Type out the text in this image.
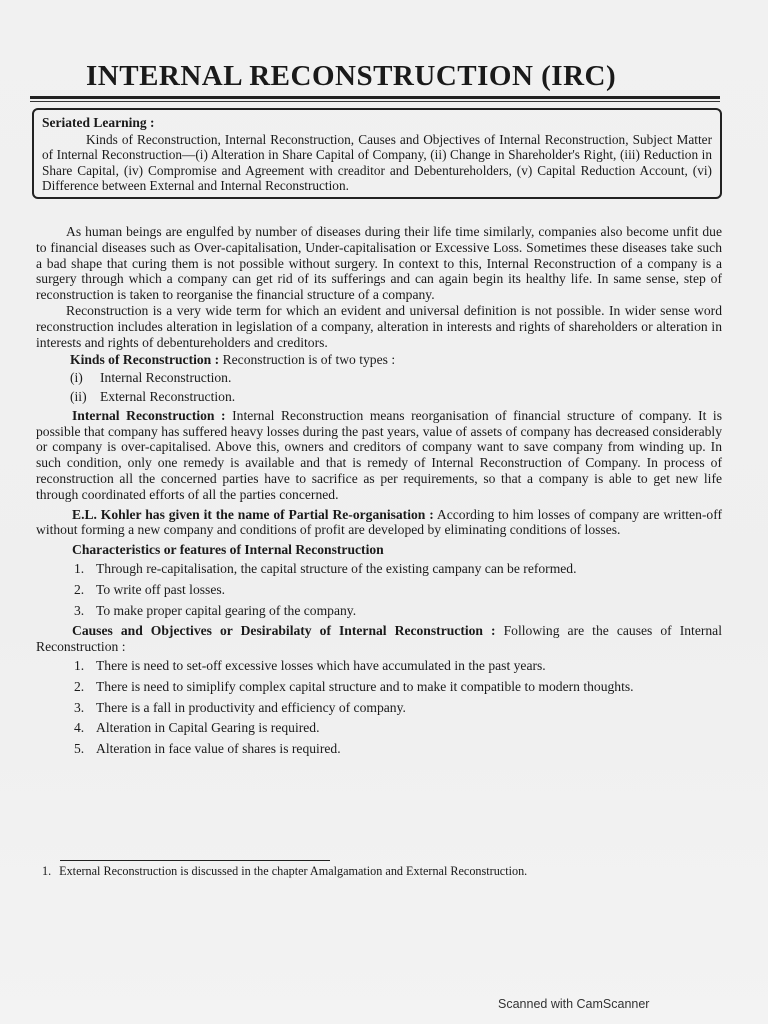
INTERNAL RECONSTRUCTION (IRC)
Seriated Learning :

Kinds of Reconstruction, Internal Reconstruction, Causes and Objectives of Internal Reconstruction, Subject Matter of Internal Reconstruction—(i) Alteration in Share Capital of Company, (ii) Change in Shareholder's Right, (iii) Reduction in Share Capital, (iv) Compromise and Agreement with creaditor and Debentureholders, (v) Capital Reduction Account, (vi) Difference between External and Internal Reconstruction.

As human beings are engulfed by number of diseases during their life time similarly, companies also become unfit due to financial diseases such as Over-capitalisation, Under-capitalisation or Excessive Loss. Sometimes these diseases take such a bad shape that curing them is not possible without surgery. In context to this, Internal Reconstruction of a company is a surgery through which a company can get rid of its sufferings and can again begin its healthy life. In same sense, step of reconstruction is taken to reorganise the financial structure of a company.

Reconstruction is a very wide term for which an evident and universal definition is not possible. In wider sense word reconstruction includes alteration in legislation of a company, alteration in interests and rights of shareholders or alteration in interests and rights of debentureholders and creditors.

Kinds of Reconstruction : Reconstruction is of two types :
(i) Internal Reconstruction.
(ii) External Reconstruction.

Internal Reconstruction : Internal Reconstruction means reorganisation of financial structure of company. It is possible that company has suffered heavy losses during the past years, value of assets of company has decreased considerably or company is over-capitalised. Above this, owners and creditors of company want to save company from winding up. In such condition, only one remedy is available and that is remedy of Internal Reconstruction of Company. In process of reconstruction all the concerned parties have to sacrifice as per requirements, so that a company is able to get new life through coordinated efforts of all the parties concerned.

E.L. Kohler has given it the name of Partial Re-organisation : According to him losses of company are written-off without forming a new company and conditions of profit are developed by eliminating conditions of losses.

Characteristics or features of Internal Reconstruction
1. Through re-capitalisation, the capital structure of the existing campany can be reformed.
2. To write off past losses.
3. To make proper capital gearing of the company.

Causes and Objectives or Desirabilaty of Internal Reconstruction : Following are the causes of Internal Reconstruction :

1. There is need to set-off excessive losses which have accumulated in the past years.
2. There is need to simiplify complex capital structure and to make it compatible to modern thoughts.
3. There is a fall in productivity and efficiency of company.
4. Alteration in Capital Gearing is required.
5. Alteration in face value of shares is required.
1. External Reconstruction is discussed in the chapter Amalgamation and External Reconstruction.
Scanned with CamScanner
